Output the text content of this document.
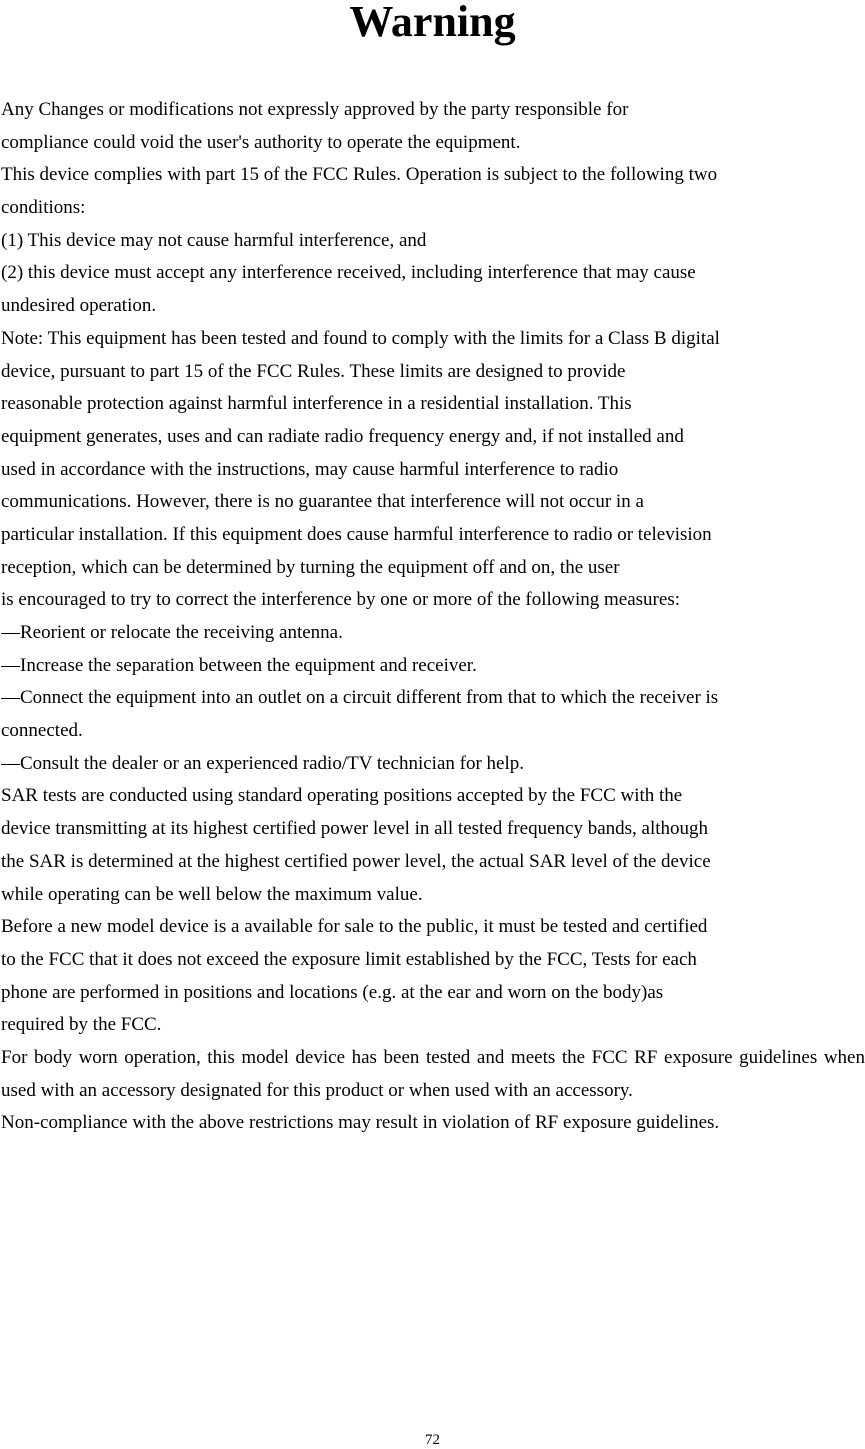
Warning
Any Changes or modifications not expressly approved by the party responsible for
compliance could void the user's authority to operate the equipment.
This device complies with part 15 of the FCC Rules. Operation is subject to the following two
conditions:
(1) This device may not cause harmful interference, and
(2) this device must accept any interference received, including interference that may cause
undesired operation.
Note: This equipment has been tested and found to comply with the limits for a Class B digital
device, pursuant to part 15 of the FCC Rules. These limits are designed to provide
reasonable protection against harmful interference in a residential installation. This
equipment generates, uses and can radiate radio frequency energy and, if not installed and
used in accordance with the instructions, may cause harmful interference to radio
communications. However, there is no guarantee that interference will not occur in a
particular installation. If this equipment does cause harmful interference to radio or television
reception, which can be determined by turning the equipment off and on, the user
is encouraged to try to correct the interference by one or more of the following measures:
—Reorient or relocate the receiving antenna.
—Increase the separation between the equipment and receiver.
—Connect the equipment into an outlet on a circuit different from that to which the receiver is
connected.
—Consult the dealer or an experienced radio/TV technician for help.
SAR tests are conducted using standard operating positions accepted by the FCC with the
device transmitting at its highest certified power level in all tested frequency bands, although
the SAR is determined at the highest certified power level, the actual SAR level of the device
while operating can be well below the maximum value.
Before a new model device is a available for sale to the public, it must be tested and certified
to the FCC that it does not exceed the exposure limit established by the FCC, Tests for each
phone are performed in positions and locations (e.g. at the ear and worn on the body)as
required by the FCC.
For body worn operation, this model device has been tested and meets the FCC RF exposure guidelines when used with an accessory designated for this product or when used with an accessory.
Non-compliance with the above restrictions may result in violation of RF exposure guidelines.
72
